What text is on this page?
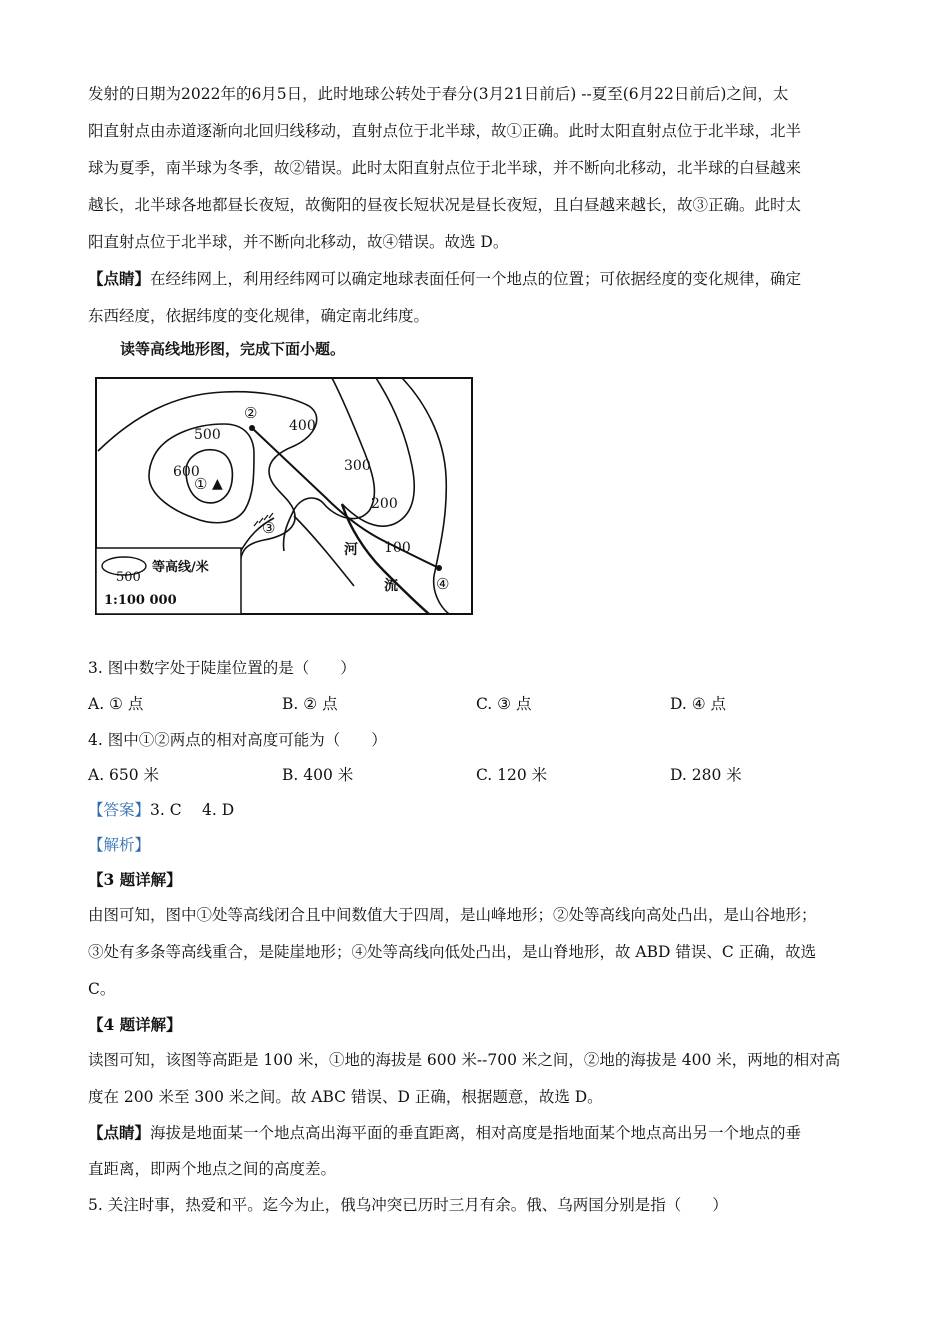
发射的日期为2022年的6月5日，此时地球公转处于春分(3月21日前后) --夏至(6月22日前后)之间，太
阳直射点由赤道逐渐向北回归线移动，直射点位于北半球，故①正确。此时太阳直射点位于北半球，北半
球为夏季，南半球为冬季，故②错误。此时太阳直射点位于北半球，并不断向北移动，北半球的白昼越来
越长，北半球各地都昼长夜短，故衡阳的昼夜长短状况是昼长夜短，且白昼越来越长，故③正确。此时太
阳直射点位于北半球，并不断向北移动，故④错误。故选 D。
【点睛】在经纬网上，利用经纬网可以确定地球表面任何一个地点的位置；可依据经度的变化规律，确定
东西经度，依据纬度的变化规律，确定南北纬度。
读等高线地形图，完成下面小题。
500
600
400
300
200
100
① ▲
②
③
④
河
流
500
等高线/米
1:100 000
3. 图中数字处于陡崖位置的是（　　）
A. ① 点	B. ② 点	C. ③ 点	D. ④ 点
4. 图中①②两点的相对高度可能为（　　）
A. 650 米	B. 400 米	C. 120 米	D. 280 米
【答案】3. C　 4. D
【解析】
【3 题详解】
由图可知，图中①处等高线闭合且中间数值大于四周，是山峰地形；②处等高线向高处凸出，是山谷地形；
③处有多条等高线重合，是陡崖地形；④处等高线向低处凸出，是山脊地形，故 ABD 错误、C 正确，故选
C。
【4 题详解】
读图可知，该图等高距是 100 米，①地的海拔是 600 米--700 米之间，②地的海拔是 400 米，两地的相对高
度在 200 米至 300 米之间。故 ABC 错误、D 正确，根据题意，故选 D。
【点睛】海拔是地面某一个地点高出海平面的垂直距离，相对高度是指地面某个地点高出另一个地点的垂
直距离，即两个地点之间的高度差。
5. 关注时事，热爱和平。迄今为止，俄乌冲突已历时三月有余。俄、乌两国分别是指（　　）
